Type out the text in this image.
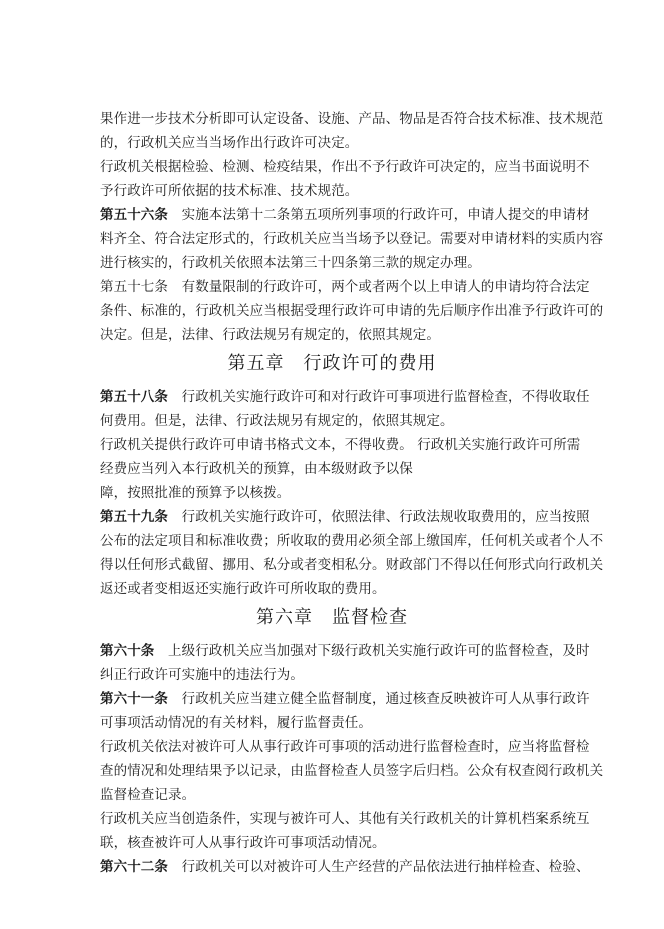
果作进一步技术分析即可认定设备、设施、产品、物品是否符合技术标准、技术规范
的，行政机关应当当场作出行政许可决定。
行政机关根据检验、检测、检疫结果，作出不予行政许可决定的，应当书面说明不
予行政许可所依据的技术标准、技术规范。
第五十六条　实施本法第十二条第五项所列事项的行政许可，申请人提交的申请材
料齐全、符合法定形式的，行政机关应当当场予以登记。需要对申请材料的实质内容
进行核实的，行政机关依照本法第三十四条第三款的规定办理。
第五十七条　有数量限制的行政许可，两个或者两个以上申请人的申请均符合法定
条件、标准的，行政机关应当根据受理行政许可申请的先后顺序作出准予行政许可的
决定。但是，法律、行政法规另有规定的，依照其规定。
第五章　行政许可的费用
第五十八条　行政机关实施行政许可和对行政许可事项进行监督检查，不得收取任
何费用。但是，法律、行政法规另有规定的，依照其规定。
行政机关提供行政许可申请书格式文本，不得收费。 行政机关实施行政许可所需
经费应当列入本行政机关的预算，由本级财政予以保
障，按照批准的预算予以核拨。
第五十九条　行政机关实施行政许可，依照法律、行政法规收取费用的，应当按照
公布的法定项目和标准收费；所收取的费用必须全部上缴国库，任何机关或者个人不
得以任何形式截留、挪用、私分或者变相私分。财政部门不得以任何形式向行政机关
返还或者变相返还实施行政许可所收取的费用。
第六章　监督检查
第六十条　上级行政机关应当加强对下级行政机关实施行政许可的监督检查，及时
纠正行政许可实施中的违法行为。
第六十一条　行政机关应当建立健全监督制度，通过核查反映被许可人从事行政许
可事项活动情况的有关材料，履行监督责任。
行政机关依法对被许可人从事行政许可事项的活动进行监督检查时，应当将监督检
查的情况和处理结果予以记录，由监督检查人员签字后归档。公众有权查阅行政机关
监督检查记录。
行政机关应当创造条件，实现与被许可人、其他有关行政机关的计算机档案系统互
联，核查被许可人从事行政许可事项活动情况。
第六十二条　行政机关可以对被许可人生产经营的产品依法进行抽样检查、检验、
